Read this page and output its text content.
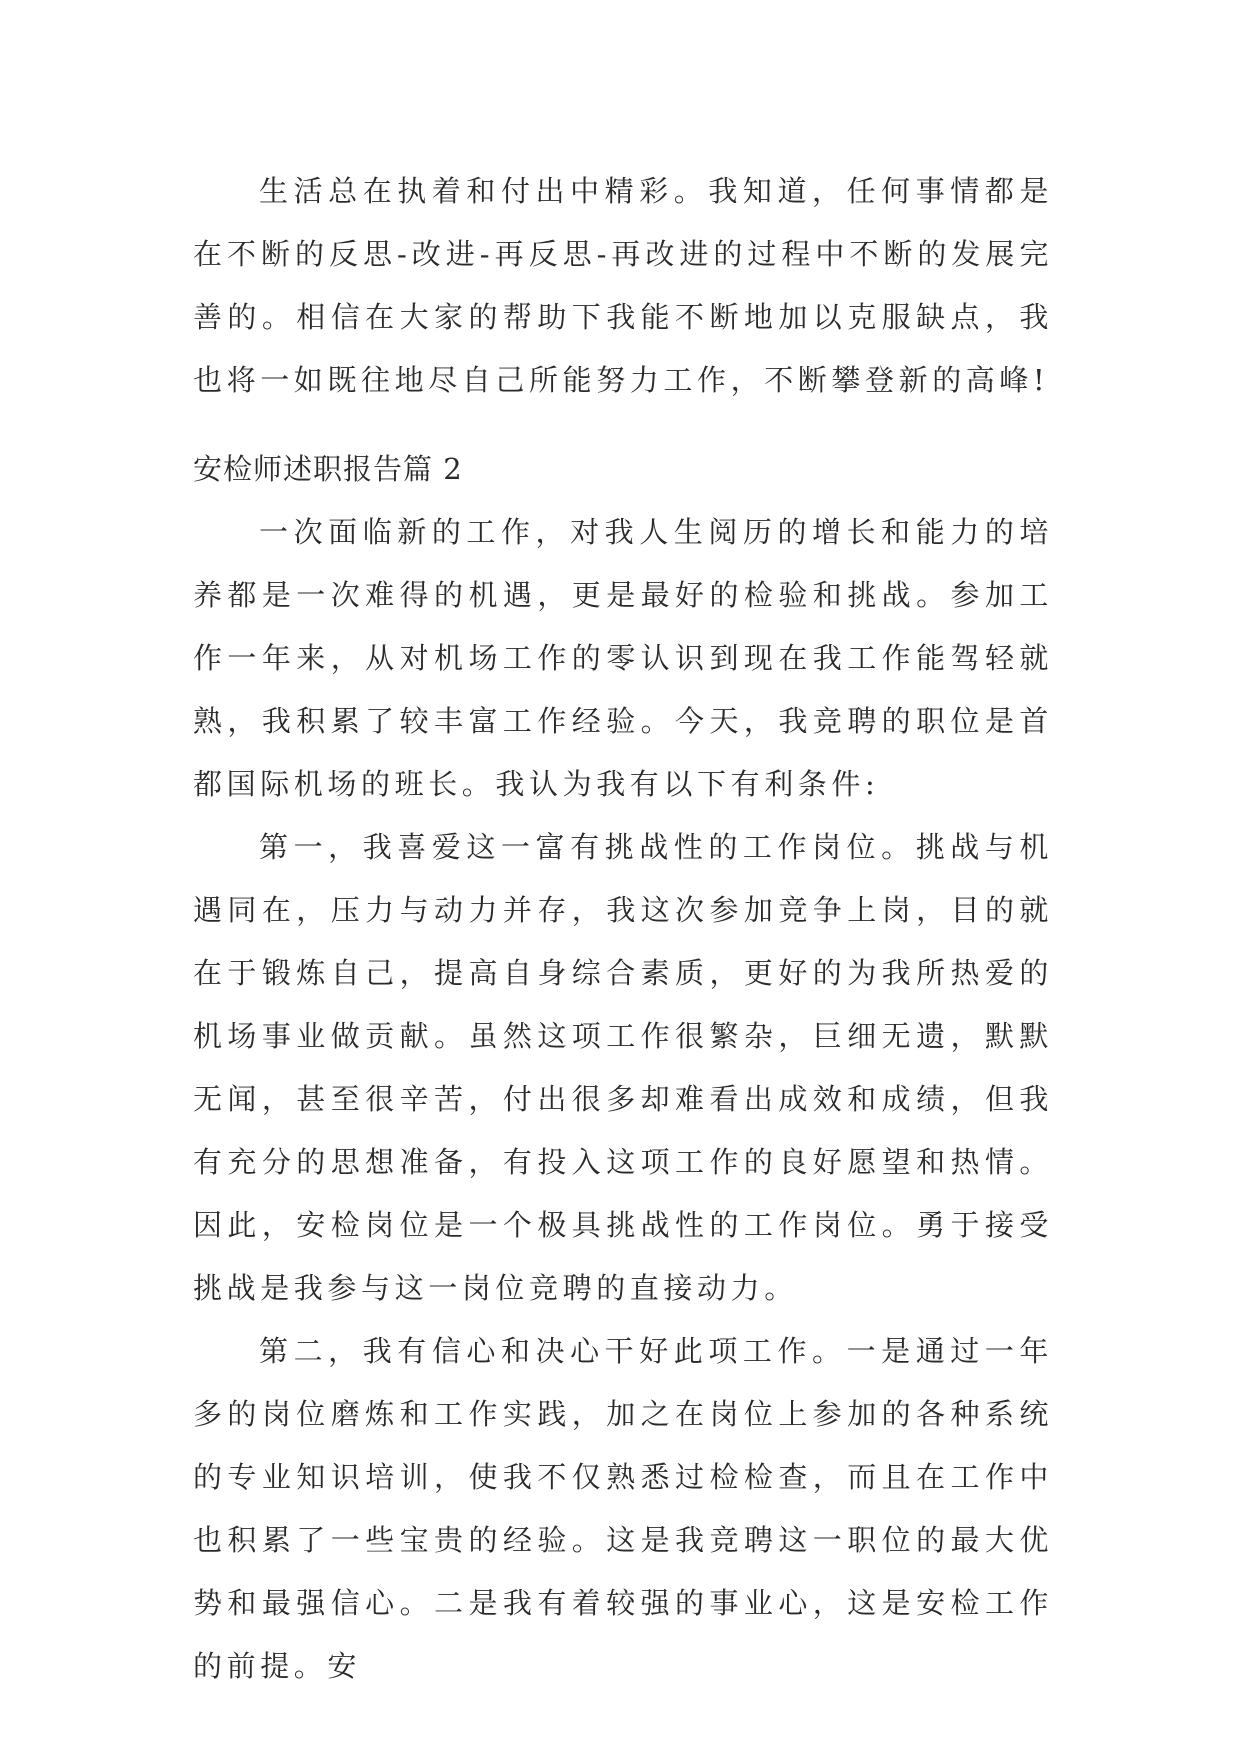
生活总在执着和付出中精彩。我知道，任何事情都是在不断的反思-改进-再反思-再改进的过程中不断的发展完善的。相信在大家的帮助下我能不断地加以克服缺点，我也将一如既往地尽自己所能努力工作，不断攀登新的高峰!

安检师述职报告篇 2

一次面临新的工作，对我人生阅历的增长和能力的培养都是一次难得的机遇，更是最好的检验和挑战。参加工作一年来，从对机场工作的零认识到现在我工作能驾轻就熟，我积累了较丰富工作经验。今天，我竞聘的职位是首都国际机场的班长。我认为我有以下有利条件:

第一，我喜爱这一富有挑战性的工作岗位。挑战与机遇同在，压力与动力并存，我这次参加竞争上岗，目的就在于锻炼自己，提高自身综合素质，更好的为我所热爱的机场事业做贡献。虽然这项工作很繁杂，巨细无遗，默默无闻，甚至很辛苦，付出很多却难看出成效和成绩，但我有充分的思想准备，有投入这项工作的良好愿望和热情。因此，安检岗位是一个极具挑战性的工作岗位。勇于接受挑战是我参与这一岗位竞聘的直接动力。

第二，我有信心和决心干好此项工作。一是通过一年多的岗位磨炼和工作实践，加之在岗位上参加的各种系统的专业知识培训，使我不仅熟悉过检检查，而且在工作中也积累了一些宝贵的经验。这是我竞聘这一职位的最大优势和最强信心。二是我有着较强的事业心，这是安检工作的前提。安
